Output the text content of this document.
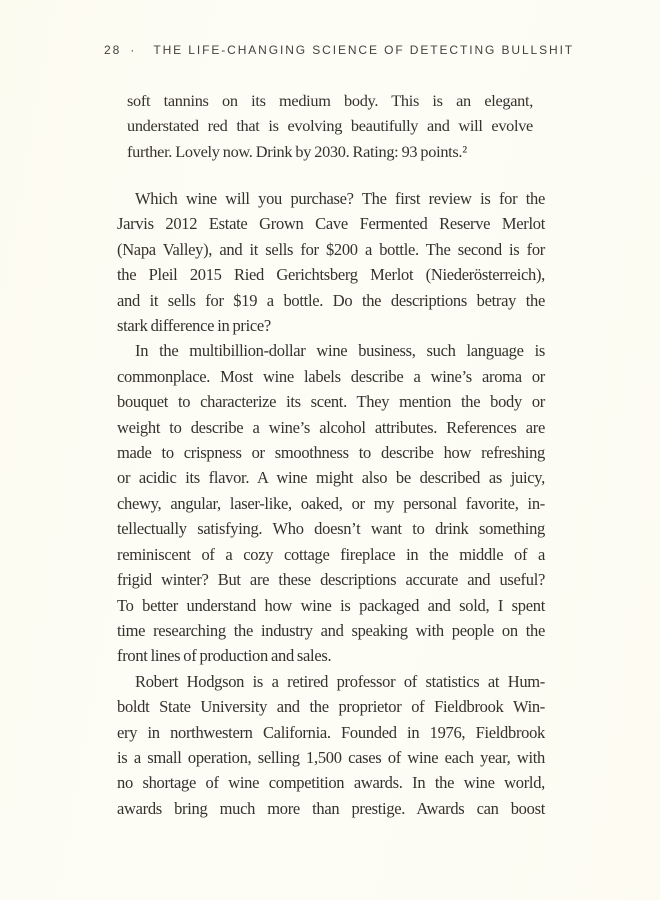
28 · THE LIFE-CHANGING SCIENCE OF DETECTING BULLSHIT
soft tannins on its medium body. This is an elegant,
understated red that is evolving beautifully and will evolve
further. Lovely now. Drink by 2030. Rating: 93 points.²
Which wine will you purchase? The first review is for the
Jarvis 2012 Estate Grown Cave Fermented Reserve Merlot
(Napa Valley), and it sells for $200 a bottle. The second is for
the Pleil 2015 Ried Gerichtsberg Merlot (Niederösterreich),
and it sells for $19 a bottle. Do the descriptions betray the
stark difference in price?
In the multibillion-dollar wine business, such language is
commonplace. Most wine labels describe a wine’s aroma or
bouquet to characterize its scent. They mention the body or
weight to describe a wine’s alcohol attributes. References are
made to crispness or smoothness to describe how refreshing
or acidic its flavor. A wine might also be described as juicy,
chewy, angular, laser-like, oaked, or my personal favorite, in-
tellectually satisfying. Who doesn’t want to drink something
reminiscent of a cozy cottage fireplace in the middle of a
frigid winter? But are these descriptions accurate and useful?
To better understand how wine is packaged and sold, I spent
time researching the industry and speaking with people on the
front lines of production and sales.
Robert Hodgson is a retired professor of statistics at Hum-
boldt State University and the proprietor of Fieldbrook Win-
ery in northwestern California. Founded in 1976, Fieldbrook
is a small operation, selling 1,500 cases of wine each year, with
no shortage of wine competition awards. In the wine world,
awards bring much more than prestige. Awards can boost
